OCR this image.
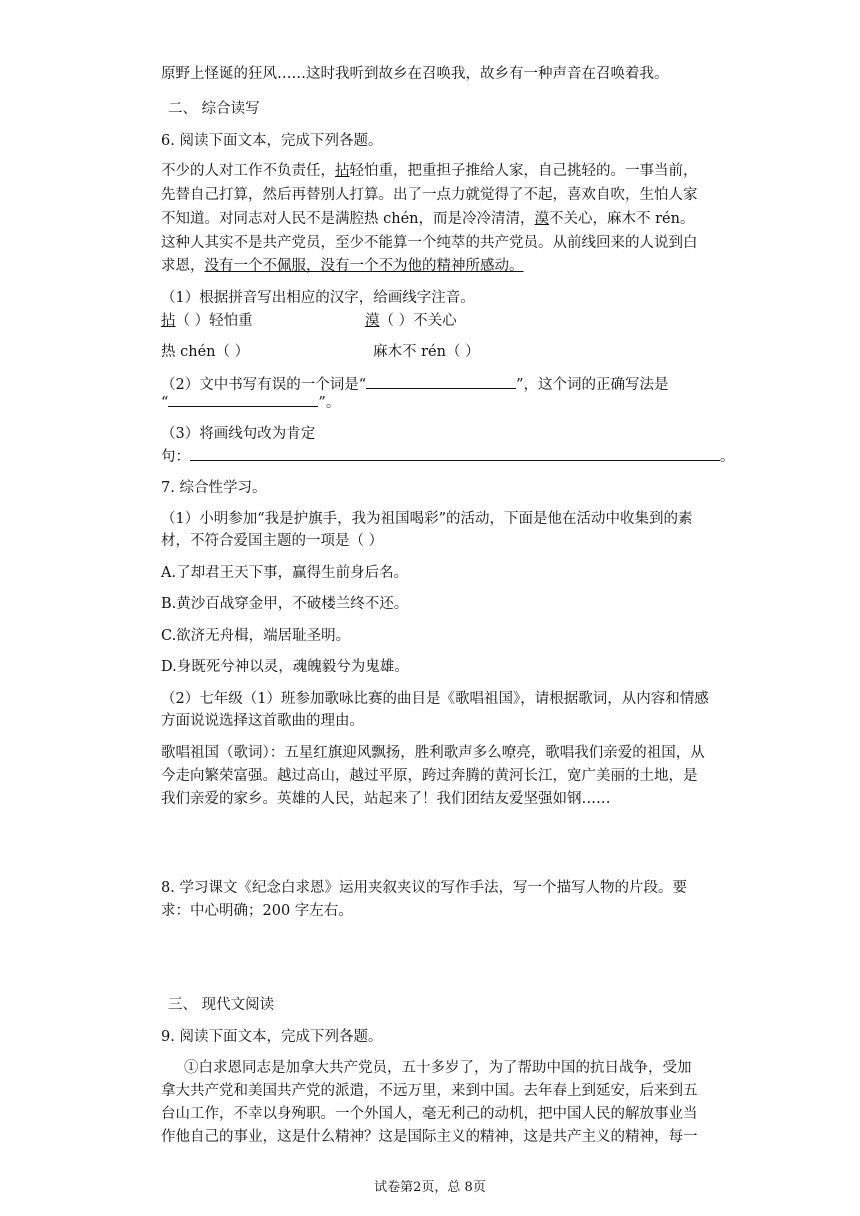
原野上怪诞的狂风……这时我听到故乡在召唤我，故乡有一种声音在召唤着我。
二、 综合读写
6. 阅读下面文本，完成下列各题。
不少的人对工作不负责任，拈轻怕重，把重担子推给人家，自己挑轻的。一事当前，
先替自己打算，然后再替别人打算。出了一点力就觉得了不起，喜欢自吹，生怕人家
不知道。对同志对人民不是满腔热 chén，而是冷冷清清，漠不关心，麻木不 rén。
这种人其实不是共产党员，至少不能算一个纯萃的共产党员。从前线回来的人说到白
求恩，没有一个不佩服，没有一个不为他的精神所感动。
（1）根据拼音写出相应的汉字，给画线字注音。
拈（ ）轻怕重	漠（ ）不关心
热 chén（ ）	麻木不 rén（ ）
（2）文中书写有误的一个词是“	”，这个词的正确写法是
“	”。
（3）将画线句改为肯定
句：	。
7. 综合性学习。
（1）小明参加“我是护旗手，我为祖国喝彩”的活动，下面是他在活动中收集到的素
材，不符合爱国主题的一项是（ ）
A.了却君王天下事，赢得生前身后名。
B.黄沙百战穿金甲，不破楼兰终不还。
C.欲济无舟楫，端居耻圣明。
D.身既死兮神以灵，魂魄毅兮为鬼雄。
（2）七年级（1）班参加歌咏比赛的曲目是《歌唱祖国》，请根据歌词，从内容和情感
方面说说选择这首歌曲的理由。
歌唱祖国（歌词）：五星红旗迎风飘扬，胜利歌声多么嘹亮，歌唱我们亲爱的祖国，从
今走向繁荣富强。越过高山，越过平原，跨过奔腾的黄河长江，宽广美丽的土地，是
我们亲爱的家乡。英雄的人民，站起来了！我们团结友爱坚强如钢……
8. 学习课文《纪念白求恩》运用夹叙夹议的写作手法，写一个描写人物的片段。要
求：中心明确；200 字左右。
三、 现代文阅读
9. 阅读下面文本，完成下列各题。
①白求恩同志是加拿大共产党员，五十多岁了，为了帮助中国的抗日战争，受加
拿大共产党和美国共产党的派遣，不远万里，来到中国。去年春上到延安，后来到五
台山工作，不幸以身殉职。一个外国人，毫无利己的动机，把中国人民的解放事业当
作他自己的事业，这是什么精神？这是国际主义的精神，这是共产主义的精神，每一
试卷第2页，总 8页
